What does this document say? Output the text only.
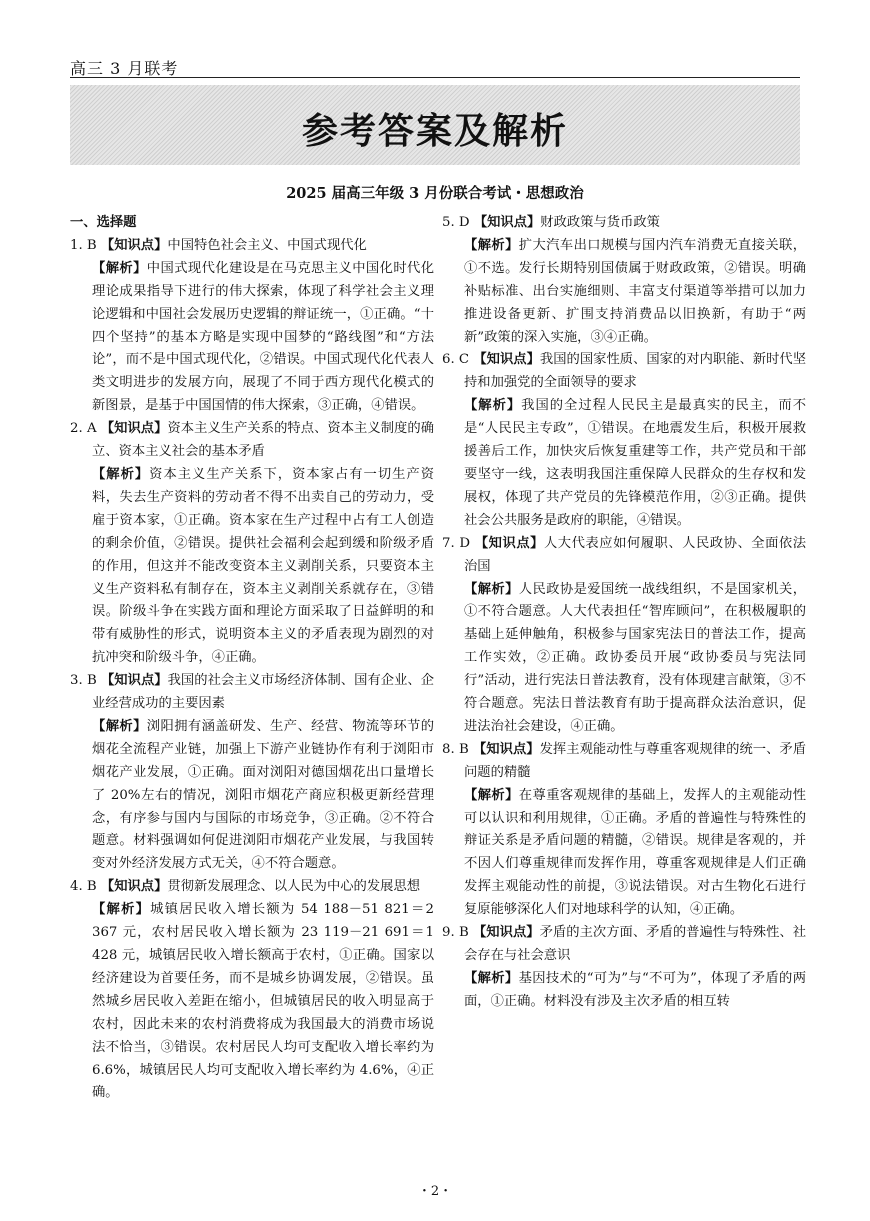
高三 3 月联考
参考答案及解析
2025 届高三年级 3 月份联合考试・思想政治
一、选择题
1. B 【知识点】中国特色社会主义、中国式现代化
【解析】中国式现代化建设是在马克思主义中国化时代化理论成果指导下进行的伟大探索，体现了科学社会主义理论逻辑和中国社会发展历史逻辑的辩证统一，①正确。“十四个坚持”的基本方略是实现中国梦的“路线图”和“方法论”，而不是中国式现代化，②错误。中国式现代化代表人类文明进步的发展方向，展现了不同于西方现代化模式的新图景，是基于中国国情的伟大探索，③正确，④错误。
2. A 【知识点】资本主义生产关系的特点、资本主义制度的确立、资本主义社会的基本矛盾
【解析】资本主义生产关系下，资本家占有一切生产资料，失去生产资料的劳动者不得不出卖自己的劳动力，受雇于资本家，①正确。资本家在生产过程中占有工人创造的剩余价值，②错误。提供社会福利会起到缓和阶级矛盾的作用，但这并不能改变资本主义剥削关系，只要资本主义生产资料私有制存在，资本主义剥削关系就存在，③错误。阶级斗争在实践方面和理论方面采取了日益鲜明的和带有威胁性的形式，说明资本主义的矛盾表现为剧烈的对抗冲突和阶级斗争，④正确。
3. B 【知识点】我国的社会主义市场经济体制、国有企业、企业经营成功的主要因素
【解析】浏阳拥有涵盖研发、生产、经营、物流等环节的烟花全流程产业链，加强上下游产业链协作有利于浏阳市烟花产业发展，①正确。面对浏阳对德国烟花出口量增长了 20%左右的情况，浏阳市烟花产商应积极更新经营理念，有序参与国内与国际的市场竞争，③正确。②不符合题意。材料强调如何促进浏阳市烟花产业发展，与我国转变对外经济发展方式无关，④不符合题意。
4. B 【知识点】贯彻新发展理念、以人民为中心的发展思想
【解析】城镇居民收入增长额为 54 188－51 821＝2 367 元，农村居民收入增长额为 23 119－21 691＝1 428 元，城镇居民收入增长额高于农村，①正确。国家以经济建设为首要任务，而不是城乡协调发展，②错误。虽然城乡居民收入差距在缩小，但城镇居民的收入明显高于农村，因此未来的农村消费将成为我国最大的消费市场说法不恰当，③错误。农村居民人均可支配收入增长率约为 6.6%，城镇居民人均可支配收入增长率约为 4.6%，④正确。
5. D 【知识点】财政政策与货币政策
【解析】扩大汽车出口规模与国内汽车消费无直接关联，①不选。发行长期特别国债属于财政政策，②错误。明确补贴标准、出台实施细则、丰富支付渠道等举措可以加力推进设备更新、扩围支持消费品以旧换新，有助于“两新”政策的深入实施，③④正确。
6. C 【知识点】我国的国家性质、国家的对内职能、新时代坚持和加强党的全面领导的要求
【解析】我国的全过程人民民主是最真实的民主，而不是“人民民主专政”，①错误。在地震发生后，积极开展救援善后工作，加快灾后恢复重建等工作，共产党员和干部要坚守一线，这表明我国注重保障人民群众的生存权和发展权，体现了共产党员的先锋模范作用，②③正确。提供社会公共服务是政府的职能，④错误。
7. D 【知识点】人大代表应如何履职、人民政协、全面依法治国
【解析】人民政协是爱国统一战线组织，不是国家机关，①不符合题意。人大代表担任“智库顾问”，在积极履职的基础上延伸触角，积极参与国家宪法日的普法工作，提高工作实效，②正确。政协委员开展“政协委员与宪法同行”活动，进行宪法日普法教育，没有体现建言献策，③不符合题意。宪法日普法教育有助于提高群众法治意识，促进法治社会建设，④正确。
8. B 【知识点】发挥主观能动性与尊重客观规律的统一、矛盾问题的精髓
【解析】在尊重客观规律的基础上，发挥人的主观能动性可以认识和利用规律，①正确。矛盾的普遍性与特殊性的辩证关系是矛盾问题的精髓，②错误。规律是客观的，并不因人们尊重规律而发挥作用，尊重客观规律是人们正确发挥主观能动性的前提，③说法错误。对古生物化石进行复原能够深化人们对地球科学的认知，④正确。
9. B 【知识点】矛盾的主次方面、矛盾的普遍性与特殊性、社会存在与社会意识
【解析】基因技术的“可为”与“不可为”，体现了矛盾的两面，①正确。材料没有涉及主次矛盾的相互转
・2・
